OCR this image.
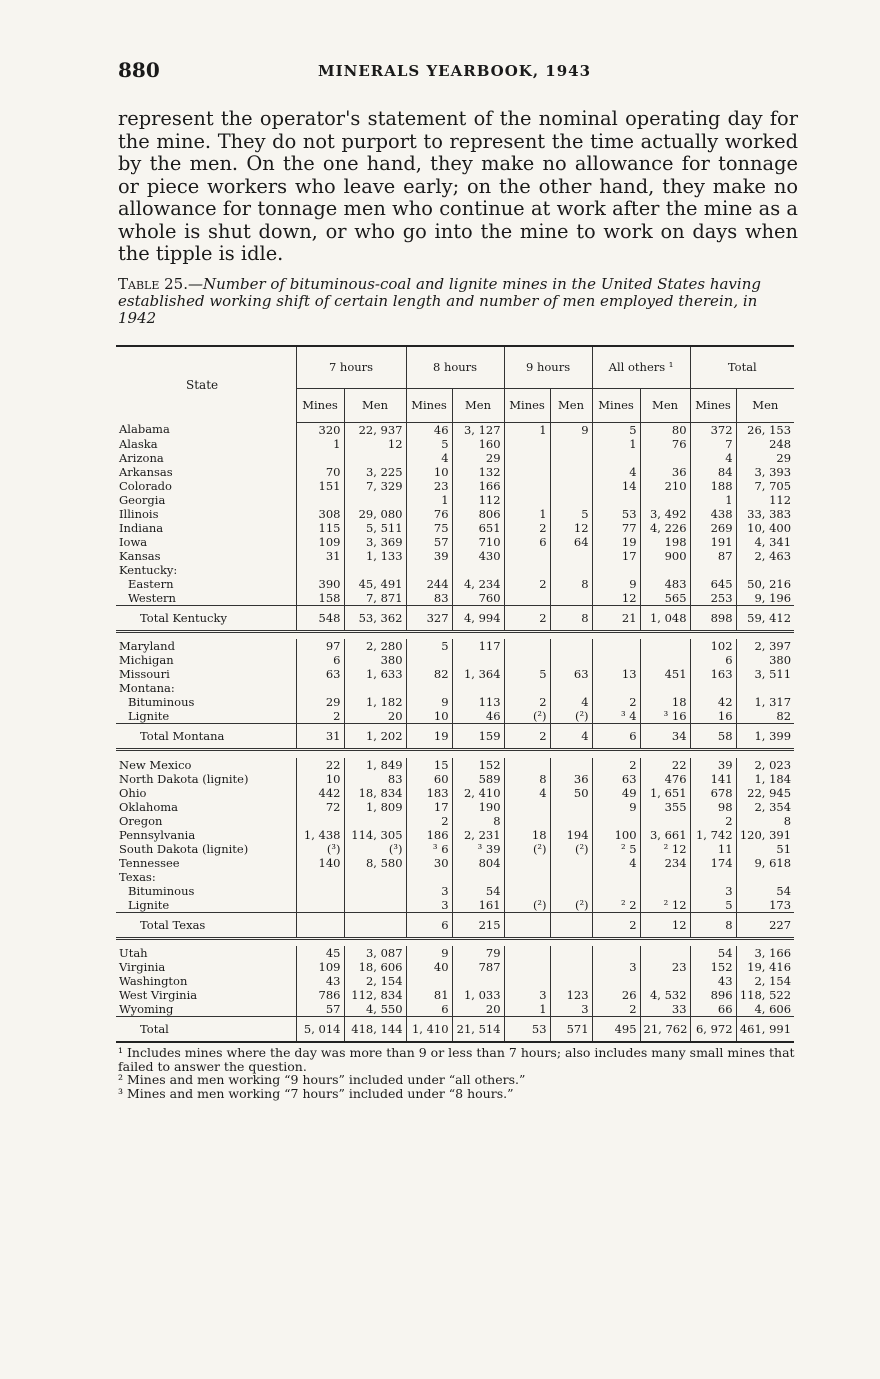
880	MINERALS YEARBOOK, 1943
represent the operator's statement of the nominal operating day for the mine. They do not purport to represent the time actually worked by the men. On the one hand, they make no allowance for tonnage or piece workers who leave early; on the other hand, they make no allowance for tonnage men who continue at work after the mine as a whole is shut down, or who go into the mine to work on days when the tipple is idle.
Table 25.—Number of bituminous-coal and lignite mines in the United States having established working shift of certain length and number of men employed therein, in 1942
State	7 hours		8 hours		9 hours		All others ¹		Total	
	Mines	Men	Mines	Men	Mines	Men	Mines	Men	Mines	Men
Alabama	320	22, 937	46	3, 127	1	9	5	80	372	26, 153
Alaska	1	12	5	160			1	76	7	248
Arizona			4	29					4	29
Arkansas	70	3, 225	10	132			4	36	84	3, 393
Colorado	151	7, 329	23	166			14	210	188	7, 705
Georgia			1	112					1	112
Illinois	308	29, 080	76	806	1	5	53	3, 492	438	33, 383
Indiana	115	5, 511	75	651	2	12	77	4, 226	269	10, 400
Iowa	109	3, 369	57	710	6	64	19	198	191	4, 341
Kansas	31	1, 133	39	430			17	900	87	2, 463
Kentucky:										
Eastern	390	45, 491	244	4, 234	2	8	9	483	645	50, 216
Western	158	7, 871	83	760			12	565	253	9, 196
Total Kentucky	548	53, 362	327	4, 994	2	8	21	1, 048	898	59, 412

Maryland	97	2, 280	5	117					102	2, 397
Michigan	6	380							6	380
Missouri	63	1, 633	82	1, 364	5	63	13	451	163	3, 511
Montana:										
Bituminous	29	1, 182	9	113	2	4	2	18	42	1, 317
Lignite	2	20	10	46	(²)	(²)	³ 4	³ 16	16	82
Total Montana	31	1, 202	19	159	2	4	6	34	58	1, 399

New Mexico	22	1, 849	15	152			2	22	39	2, 023
North Dakota (lignite)	10	83	60	589	8	36	63	476	141	1, 184
Ohio	442	18, 834	183	2, 410	4	50	49	1, 651	678	22, 945
Oklahoma	72	1, 809	17	190			9	355	98	2, 354
Oregon			2	8					2	8
Pennsylvania	1, 438	114, 305	186	2, 231	18	194	100	3, 661	1, 742	120, 391
South Dakota (lignite)	(³)	(³)	³ 6	³ 39	(²)	(²)	² 5	² 12	11	51
Tennessee	140	8, 580	30	804			4	234	174	9, 618
Texas:										
Bituminous			3	54					3	54
Lignite			3	161	(²)	(²)	² 2	² 12	5	173
Total Texas			6	215			2	12	8	227

Utah	45	3, 087	9	79					54	3, 166
Virginia	109	18, 606	40	787			3	23	152	19, 416
Washington	43	2, 154							43	2, 154
West Virginia	786	112, 834	81	1, 033	3	123	26	4, 532	896	118, 522
Wyoming	57	4, 550	6	20	1	3	2	33	66	4, 606
Total	5, 014	418, 144	1, 410	21, 514	53	571	495	21, 762	6, 972	461, 991
¹ Includes mines where the day was more than 9 or less than 7 hours; also includes many small mines that failed to answer the question.
² Mines and men working “9 hours” included under “all others.”
³ Mines and men working “7 hours” included under “8 hours.”
